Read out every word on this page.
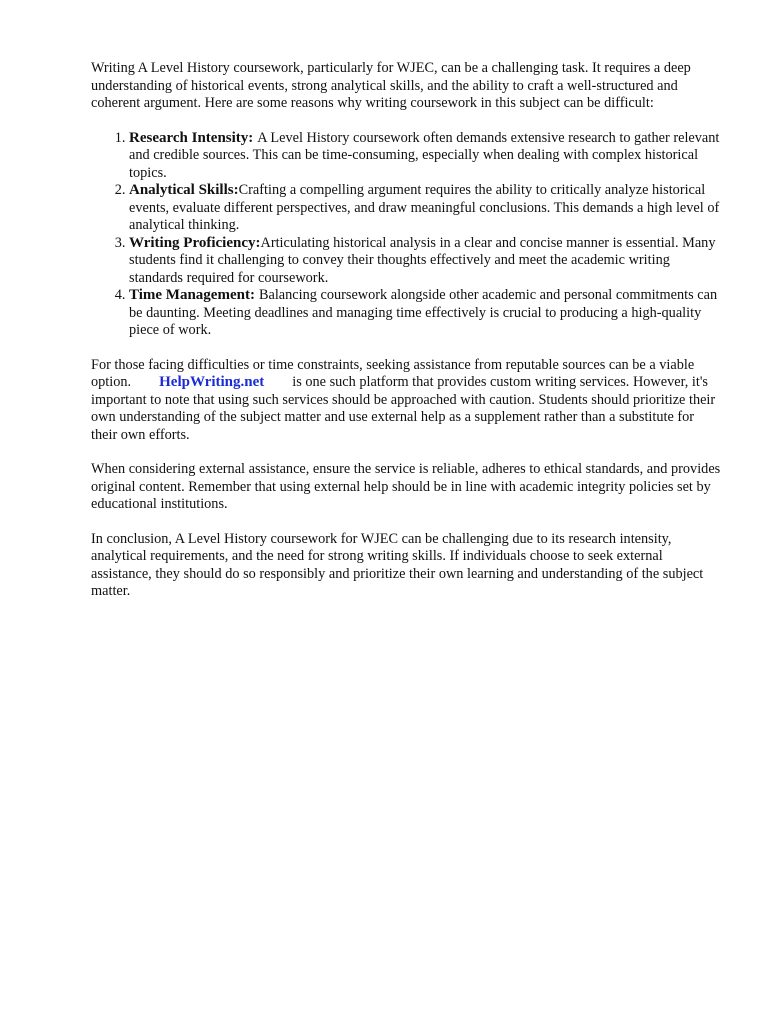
Writing A Level History coursework, particularly for WJEC, can be a challenging task. It requires a deep understanding of historical events, strong analytical skills, and the ability to craft a well-structured and coherent argument. Here are some reasons why writing coursework in this subject can be difficult:

1. Research Intensity: A Level History coursework often demands extensive research to gather relevant and credible sources. This can be time-consuming, especially when dealing with complex historical topics.
2. Analytical Skills:Crafting a compelling argument requires the ability to critically analyze historical events, evaluate different perspectives, and draw meaningful conclusions. This demands a high level of analytical thinking.
3. Writing Proficiency:Articulating historical analysis in a clear and concise manner is essential. Many students find it challenging to convey their thoughts effectively and meet the academic writing standards required for coursework.
4. Time Management: Balancing coursework alongside other academic and personal commitments can be daunting. Meeting deadlines and managing time effectively is crucial to producing a high-quality piece of work.

For those facing difficulties or time constraints, seeking assistance from reputable sources can be a viable option. HelpWriting.net is one such platform that provides custom writing services. However, it's important to note that using such services should be approached with caution. Students should prioritize their own understanding of the subject matter and use external help as a supplement rather than a substitute for their own efforts.

When considering external assistance, ensure the service is reliable, adheres to ethical standards, and provides original content. Remember that using external help should be in line with academic integrity policies set by educational institutions.

In conclusion, A Level History coursework for WJEC can be challenging due to its research intensity, analytical requirements, and the need for strong writing skills. If individuals choose to seek external assistance, they should do so responsibly and prioritize their own learning and understanding of the subject matter.
